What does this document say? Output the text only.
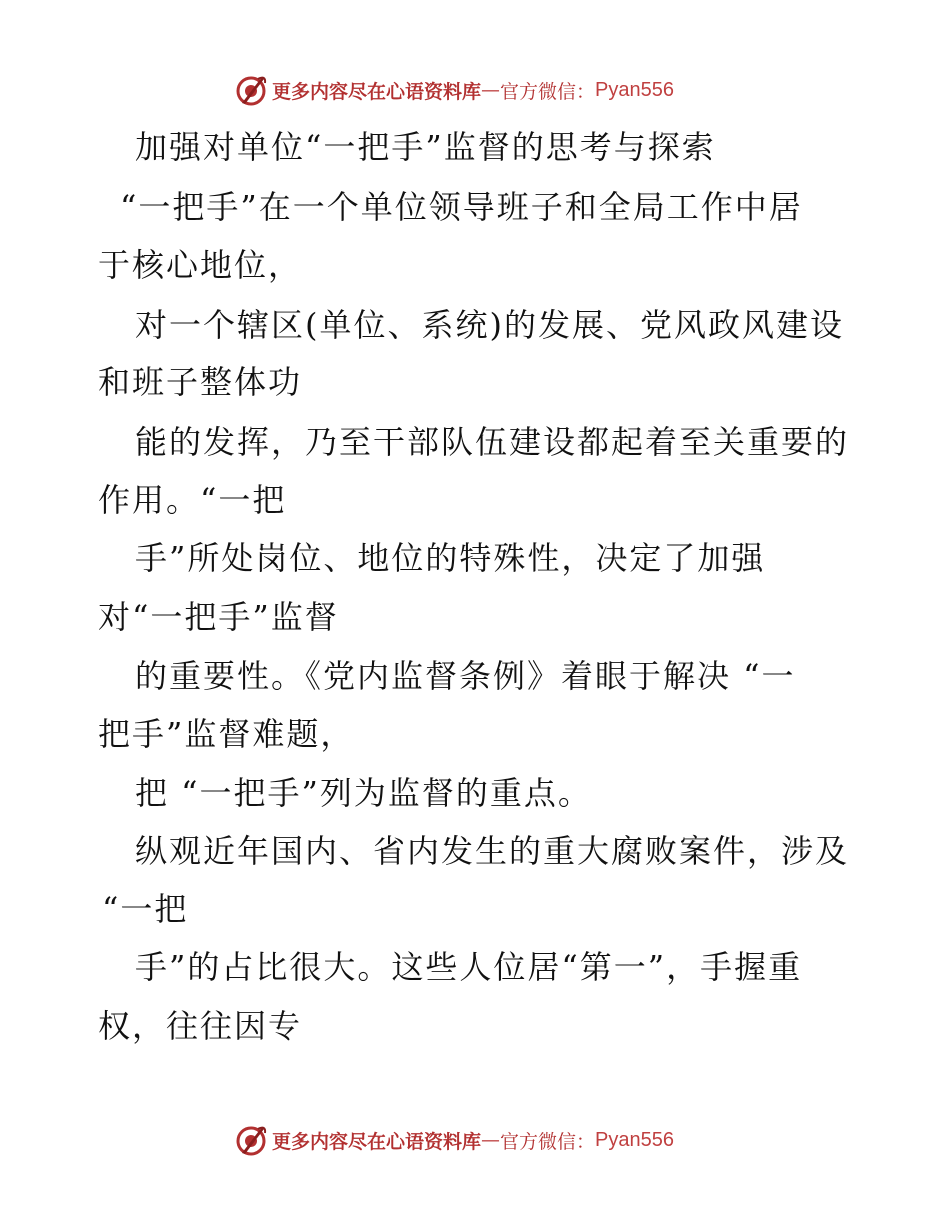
更多内容尽在心语资料库 — 官方微信： Pyan556
加强对单位“一把手”监督的思考与探索
“一把手”在一个单位领导班子和全局工作中居
于核心地位，
对一个辖区(单位、系统)的发展、党风政风建设
和班子整体功
能的发挥，乃至干部队伍建设都起着至关重要的
作用。“一把
手”所处岗位、地位的特殊性，决定了加强
对“一把手”监督
的重要性。《党内监督条例》着眼于解决 “一
把手”监督难题，
把 “一把手”列为监督的重点。
纵观近年国内、省内发生的重大腐败案件，涉及
“一把
手”的占比很大。这些人位居“第一”，手握重
权，往往因专
更多内容尽在心语资料库 — 官方微信： Pyan556
